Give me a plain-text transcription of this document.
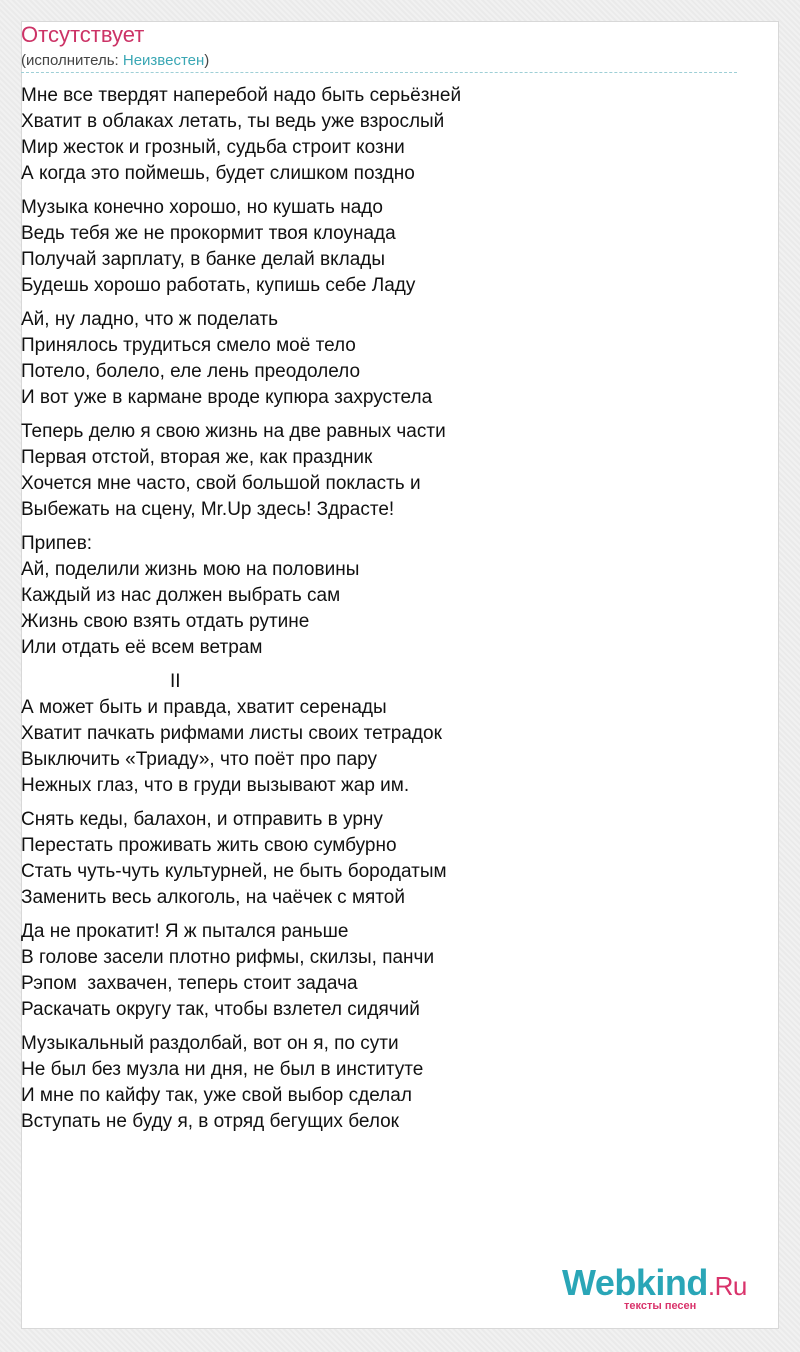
Отсутствует
(исполнитель: Неизвестен)
Мне все твердят наперебой надо быть серьёзней
Хватит в облаках летать, ты ведь уже взрослый
Мир жесток и грозный, судьба строит козни
А когда это поймешь, будет слишком поздно
Музыка конечно хорошо, но кушать надо
Ведь тебя же не прокормит твоя клоунада
Получай зарплату, в банке делай вклады
Будешь хорошо работать, купишь себе Ладу
Ай, ну ладно, что ж поделать
Принялось трудиться смело моё тело
Потело, болело, еле лень преодолело
И вот уже в кармане вроде купюра захрустела
Теперь делю я свою жизнь на две равных части
Первая отстой, вторая же, как праздник
Хочется мне часто, свой большой покласть и
Выбежать на сцену, Mr.Up здесь! Здрасте!
Припев:
Ай, поделили жизнь мою на половины
Каждый из нас должен выбрать сам
Жизнь свою взять отдать рутине
Или отдать её всем ветрам
II
А может быть и правда, хватит серенады
Хватит пачкать рифмами листы своих тетрадок
Выключить «Триаду», что поёт про пару
Нежных глаз, что в груди вызывают жар им.
Снять кеды, балахон, и отправить в урну
Перестать проживать жить свою сумбурно
Стать чуть-чуть культурней, не быть бородатым
Заменить весь алкоголь, на чаёчек с мятой
Да не прокатит! Я ж пытался раньше
В голове засели плотно рифмы, скилзы, панчи
Рэпом  захвачен, теперь стоит задача
Раскачать округу так, чтобы взлетел сидячий
Музыкальный раздолбай, вот он я, по сути
Не был без музла ни дня, не был в институте
И мне по кайфу так, уже свой выбор сделал
Вступать не буду я, в отряд бегущих белок
Webkind.Ru
тексты песен
